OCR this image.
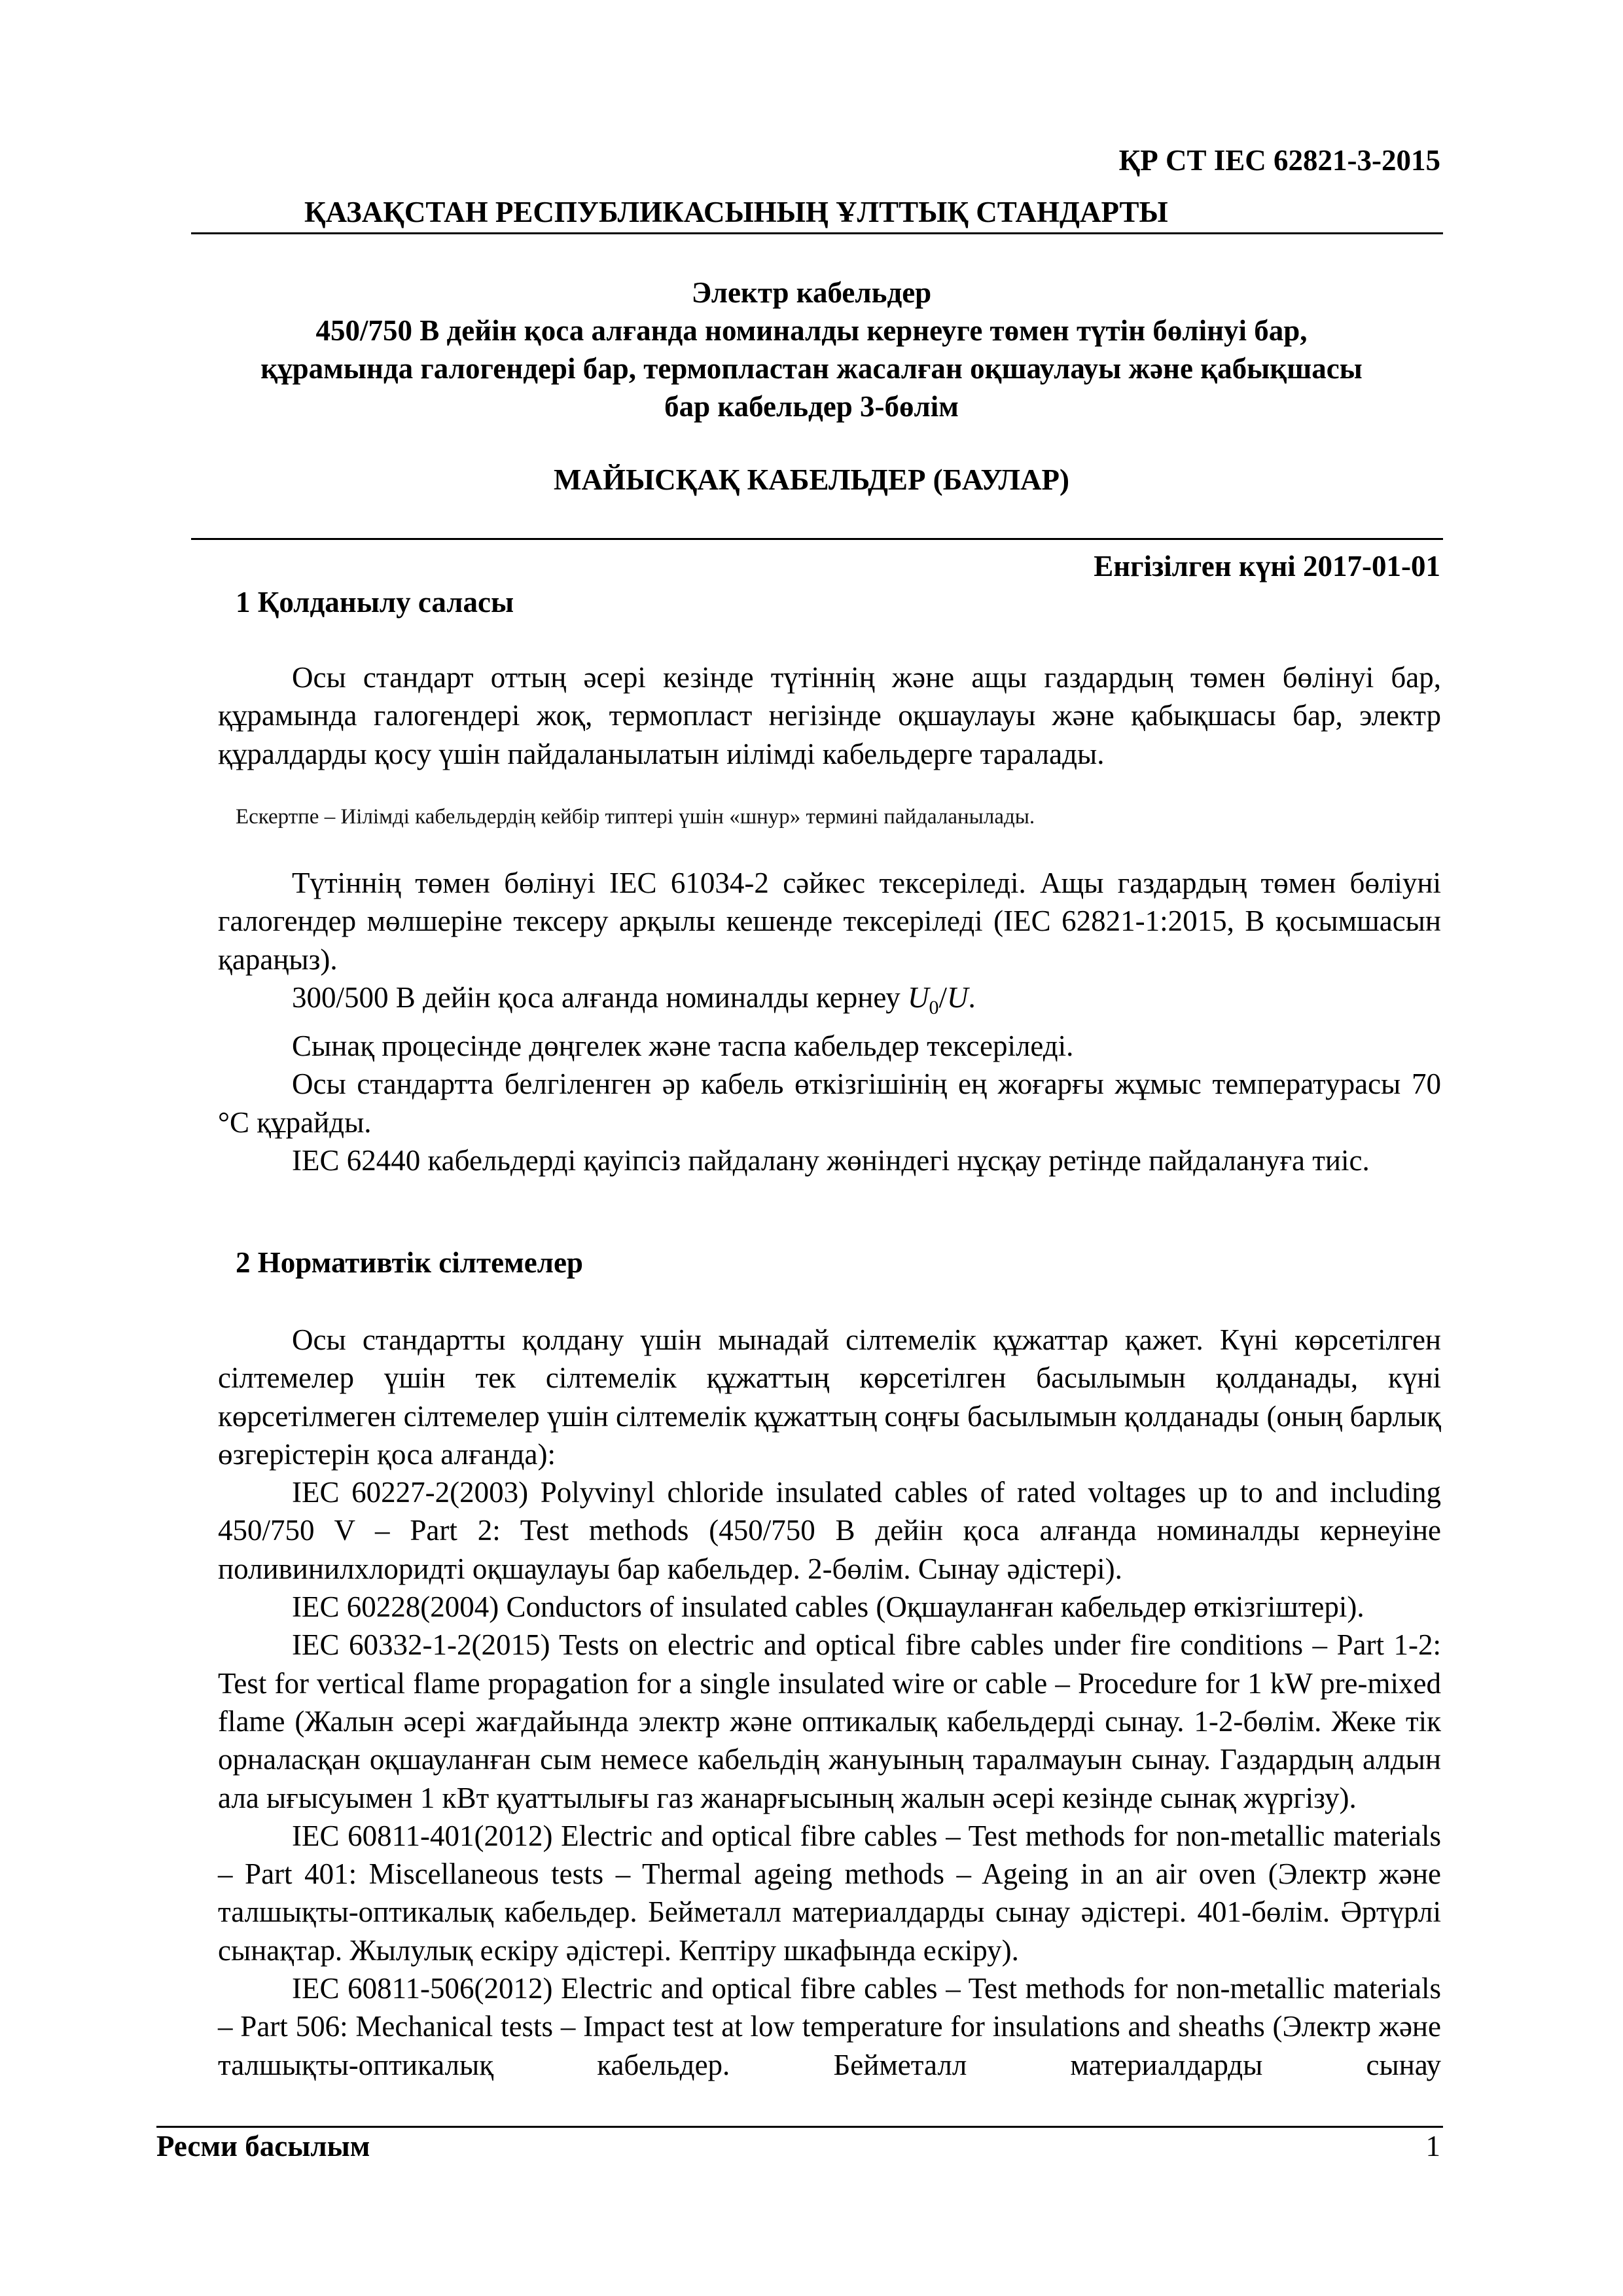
ҚР СТ IEC 62821-3-2015
ҚАЗАҚСТАН РЕСПУБЛИКАСЫНЫҢ ҰЛТТЫҚ СТАНДАРТЫ
Электр кабельдер
450/750 В дейін қоса алғанда номиналды кернеуге төмен түтін бөлінуі бар,
құрамында галогендері бар, термопластан жасалған оқшаулауы және қабықшасы
бар кабельдер 3-бөлім
МАЙЫСҚАҚ КАБЕЛЬДЕР (БАУЛАР)
Енгізілген күні 2017-01-01
1 Қолданылу саласы

Осы стандарт оттың әсері кезінде түтіннің және ащы газдардың төмен бөлінуі бар, құрамында галогендері жоқ, термопласт негізінде оқшаулауы және қабықшасы бар, электр құралдарды қосу үшін пайдаланылатын иілімді кабельдерге таралады.

Ескертпе – Иілімді кабельдердің кейбір типтері үшін «шнур» термині пайдаланылады.

Түтіннің төмен бөлінуі IEC 61034-2 сәйкес тексеріледі. Ащы газдардың төмен бөліуні галогендер мөлшеріне тексеру арқылы кешенде тексеріледі (IEC 62821-1:2015, В қосымшасын қараңыз).

300/500 В дейін қоса алғанда номиналды кернеу $U_0/U$.

Сынақ процесінде дөңгелек және таспа кабельдер тексеріледі.

Осы стандартта белгіленген әр кабель өткізгішінің ең жоғарғы жұмыс температурасы 70 °С құрайды.

IEC 62440 кабельдерді қауіпсіз пайдалану жөніндегі нұсқау ретінде пайдалануға тиіс.

2 Нормативтік сілтемелер

Осы стандартты қолдану үшін мынадай сілтемелік құжаттар қажет. Күні көрсетілген сілтемелер үшін тек сілтемелік құжаттың көрсетілген басылымын қолданады, күні көрсетілмеген сілтемелер үшін сілтемелік құжаттың соңғы басылымын қолданады (оның барлық өзгерістерін қоса алғанда):

IEC 60227-2(2003) Polyvinyl chloride insulated cables of rated voltages up to and including 450/750 V – Part 2: Test methods (450/750 В дейін қоса алғанда номиналды кернеуіне поливинилхлоридті оқшаулауы бар кабельдер. 2-бөлім. Сынау әдістері).

IEC 60228(2004) Conductors of insulated cables (Оқшауланған кабельдер өткізгіштері).

IEC 60332-1-2(2015) Tests on electric and optical fibre cables under fire conditions – Part 1-2: Test for vertical flame propagation for a single insulated wire or cable – Procedure for 1 kW pre-mixed flame (Жалын әсері жағдайында электр және оптикалық кабельдерді сынау. 1-2-бөлім. Жеке тік орналасқан оқшауланған сым немесе кабельдің жануының таралмауын сынау. Газдардың алдын ала ығысуымен 1 кВт қуаттылығы газ жанарғысының жалын әсері кезінде сынақ жүргізу).

IEC 60811-401(2012) Electric and optical fibre cables – Test methods for non-metallic materials – Part 401: Miscellaneous tests – Thermal ageing methods – Ageing in an air oven (Электр және талшықты-оптикалық кабельдер. Бейметалл материалдарды сынау әдістері. 401-бөлім. Әртүрлі сынақтар. Жылулық ескіру әдістері. Кептіру шкафында ескіру).

IEC 60811-506(2012) Electric and optical fibre cables – Test methods for non-metallic materials – Part 506: Mechanical tests – Impact test at low temperature for insulations and sheaths (Электр және талшықты-оптикалық кабельдер. Бейметалл материалдарды сынау

Ресми басылым	1
